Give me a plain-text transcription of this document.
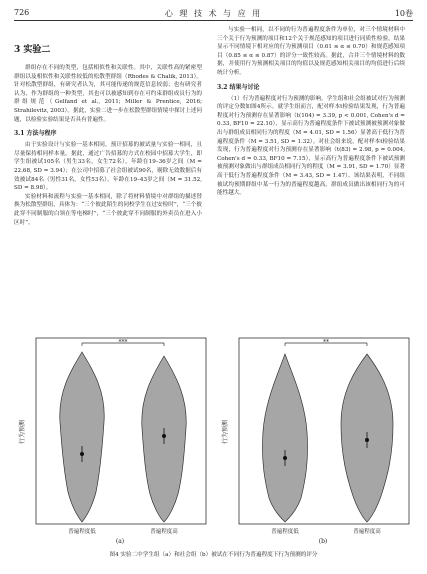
726	心 理 技 术 与 应 用	10卷
3 实验二

群组存在不同的类型，包括相似性和关联性。其中，关联性高的紧密型群组以及相似性和关联性较低的松散型群组（Rhodes & Chalik, 2013）。针对松散型群组，有研究者认为，其可能传递的规范信息较弱；也有研究者认为，作为群组的一种类型，其也可以被感知到存在可约束群组成员行为的群组规范（Gelfand et al., 2011; Miller & Prentice, 2016; Strahilevitz, 2003）。据此，实验二进一步在松散型群组情境中探讨上述问题，以检验实验结果是否具有普遍性。

3.1 方法与程序

由于实验设计与实验一基本相同，预计招募的被试量与实验一相同，且尽量保持相同样本量。据此，通过广告招募的方式在校园中招募大学生，即学生组被试105名（男生33名，女生72名），年龄在19–36岁之间（M = 22.68, SD = 3.94）；在公司中招募了社会组被试90名，剔除无效数据后有效被试84名（男性31名，女性53名），年龄在19–43岁之间（M = 31.52, SD = 8.98）。

实验材料和流程与实验一基本相同，除了将材料情境中对群组的描述替换为松散型群组，具体为：“三个彼此陌生的同校学生在过安检时”，“三个彼此穿不同制服的白领在等电梯时”，“三个彼此穿不同制服的外卖员在进入小区时”。

与实验一相同，以不同的行为普遍程度条件为单位，对三个情境材料中三个关于行为预测的项目和12个关于规范感知的项目进行同质性检验，结果显示不同情境下相对应的行为预测项目（0.61 ≤ α ≤ 0.70）和规范感知项目（0.85 ≤ α ≤ 0.87）的评分一致性较高。据此，合并三个情境材料的数据，并使用行为预测相关项目的均值以及规范感知相关项目的均值进行后续统计分析。

3.2 结果与讨论

（1）行为普遍程度对行为预测的影响。学生组和社会组被试对行为预测的评定分数如图4所示。就学生组而言，配对样本t检验结果发现，行为普遍程度对行为预测存在显著影响（t(104) = 3.39, p < 0.001, Cohen's d = 0.33, BF10 = 22.10），显示高行为普遍程度条件下被试预测被预测对象做出与群组成员相同行为的程度（M = 4.01, SD = 1.56）显著高于低行为普遍程度条件（M = 3.51, SD = 1.32）。对社会组来说，配对样本t检验结果发现，行为普遍程度对行为预测存在显著影响（t(83) = 2.98, p = 0.004, Cohen's d = 0.33, BF10 = 7.15），显示高行为普遍程度条件下被试预测被预测对象做出与群组成员相同行为的程度（M = 3.91, SD = 1.70）显著高于低行为普遍程度条件（M = 3.43, SD = 1.47）。该结果表明，不同组被试均预期群组中某一行为的普遍程度越高，群组成员做出该相同行为的可能性越大。

行为预测
***
普遍程度低	普遍程度高
(a)
行为预测
**
普遍程度低	普遍程度高
(b)
图4 实验二中学生组（a）和社会组（b）被试在不同行为普遍程度下行为预测的评分
